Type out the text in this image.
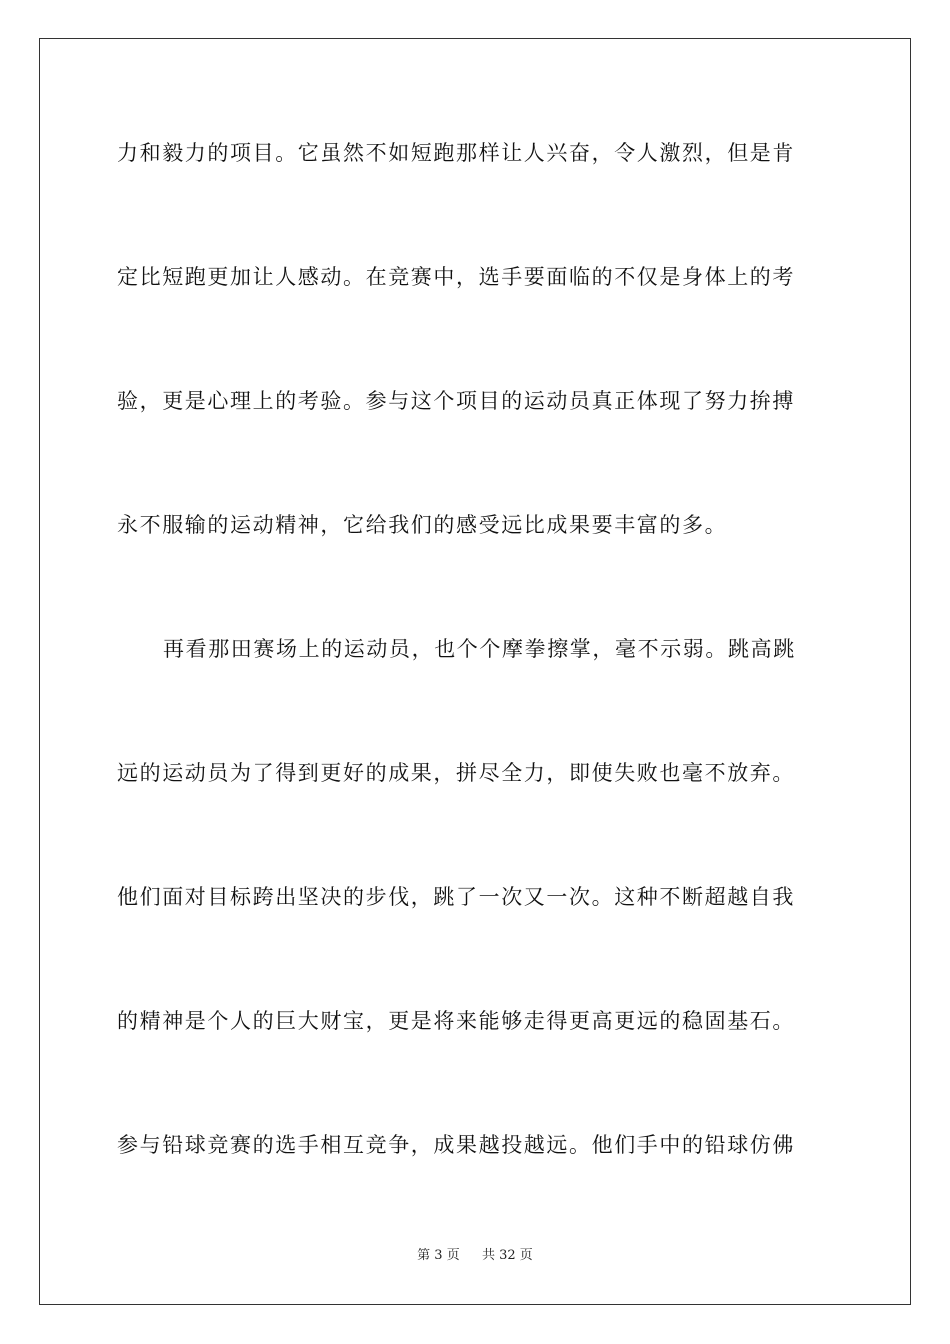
力和毅力的项目。它虽然不如短跑那样让人兴奋，令人激烈，但是肯
定比短跑更加让人感动。在竞赛中，选手要面临的不仅是身体上的考
验，更是心理上的考验。参与这个项目的运动员真正体现了努力拚搏
永不服输的运动精神，它给我们的感受远比成果要丰富的多。
再看那田赛场上的运动员，也个个摩拳擦掌，毫不示弱。跳高跳
远的运动员为了得到更好的成果，拼尽全力，即使失败也毫不放弃。
他们面对目标跨出坚决的步伐，跳了一次又一次。这种不断超越自我
的精神是个人的巨大财宝，更是将来能够走得更高更远的稳固基石。
参与铅球竞赛的选手相互竞争，成果越投越远。他们手中的铅球仿佛
第 3 页 共 32 页
